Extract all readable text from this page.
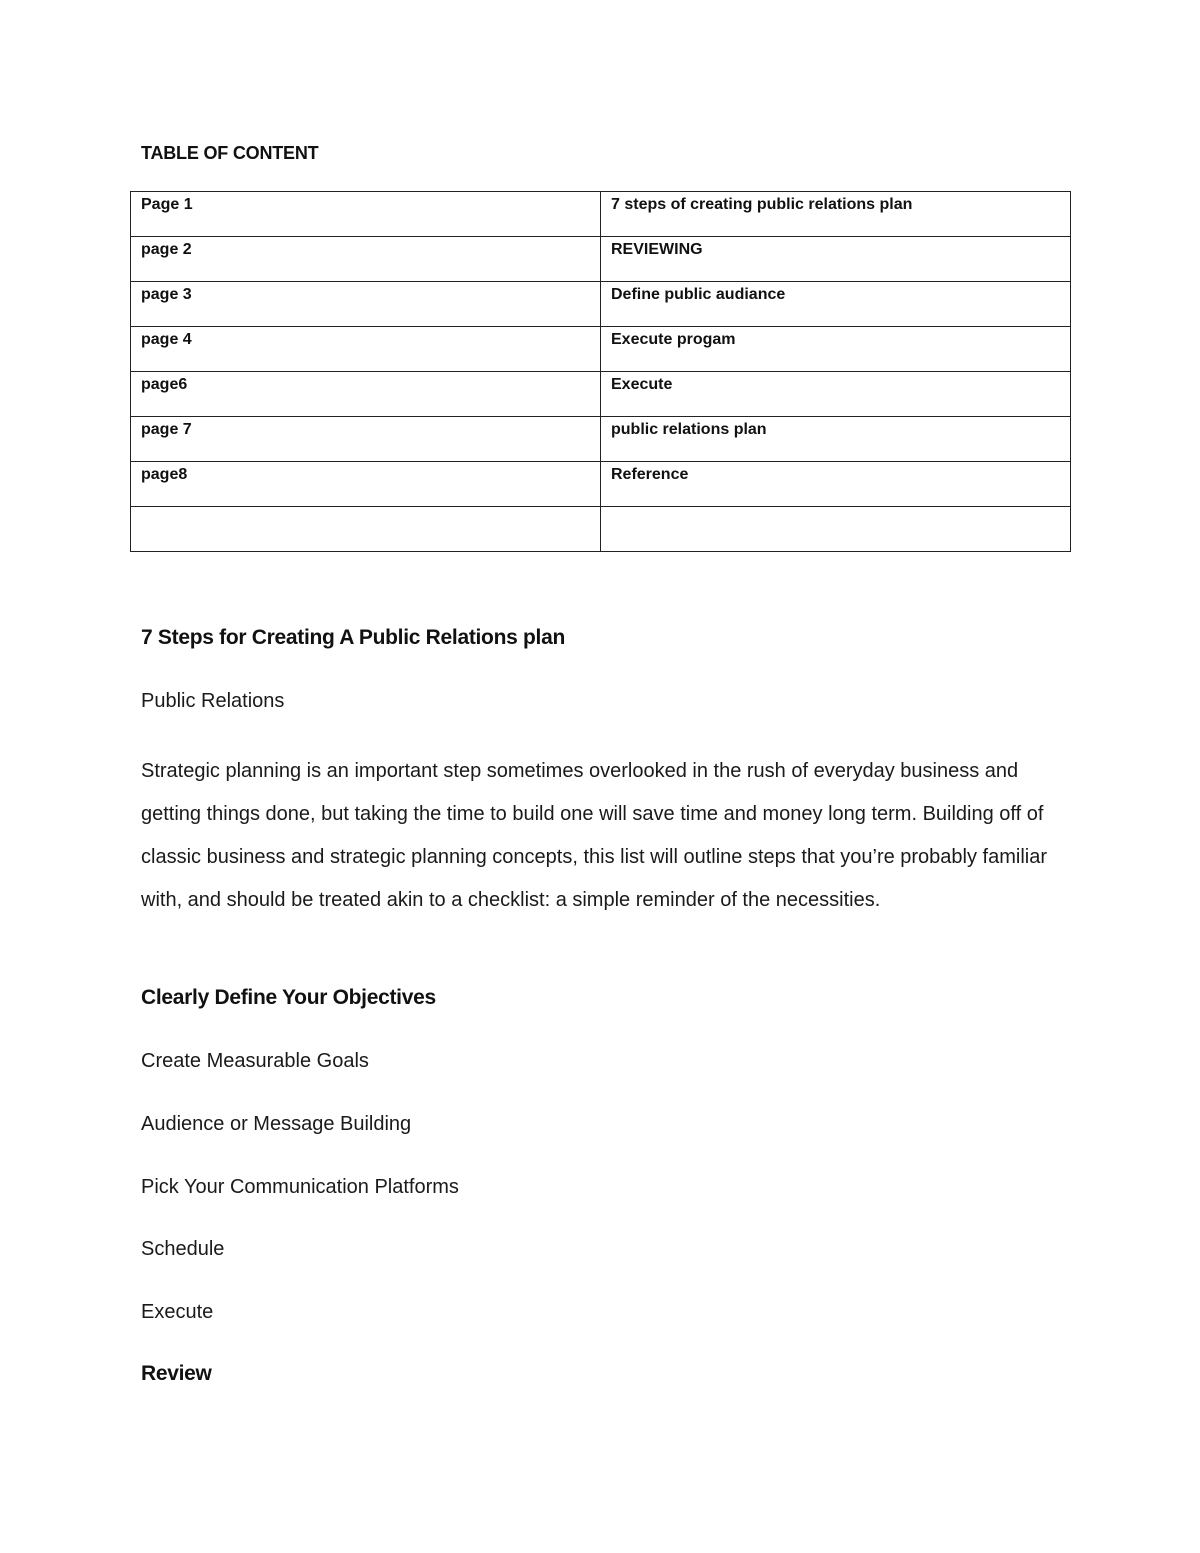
TABLE OF CONTENT
Page 1	7 steps of creating public relations plan
page 2	REVIEWING
page 3	Define public audiance
page 4	Execute progam
page6	Execute
page 7	public relations plan
page8	Reference

7 Steps for Creating A Public Relations plan

Public Relations

Strategic planning is an important step sometimes overlooked in the rush of everyday business and getting things done, but taking the time to build one will save time and money long term. Building off of classic business and strategic planning concepts, this list will outline steps that you’re probably familiar with, and should be treated akin to a checklist: a simple reminder of the necessities.

Clearly Define Your Objectives

Create Measurable Goals

Audience or Message Building

Pick Your Communication Platforms

Schedule

Execute

Review
